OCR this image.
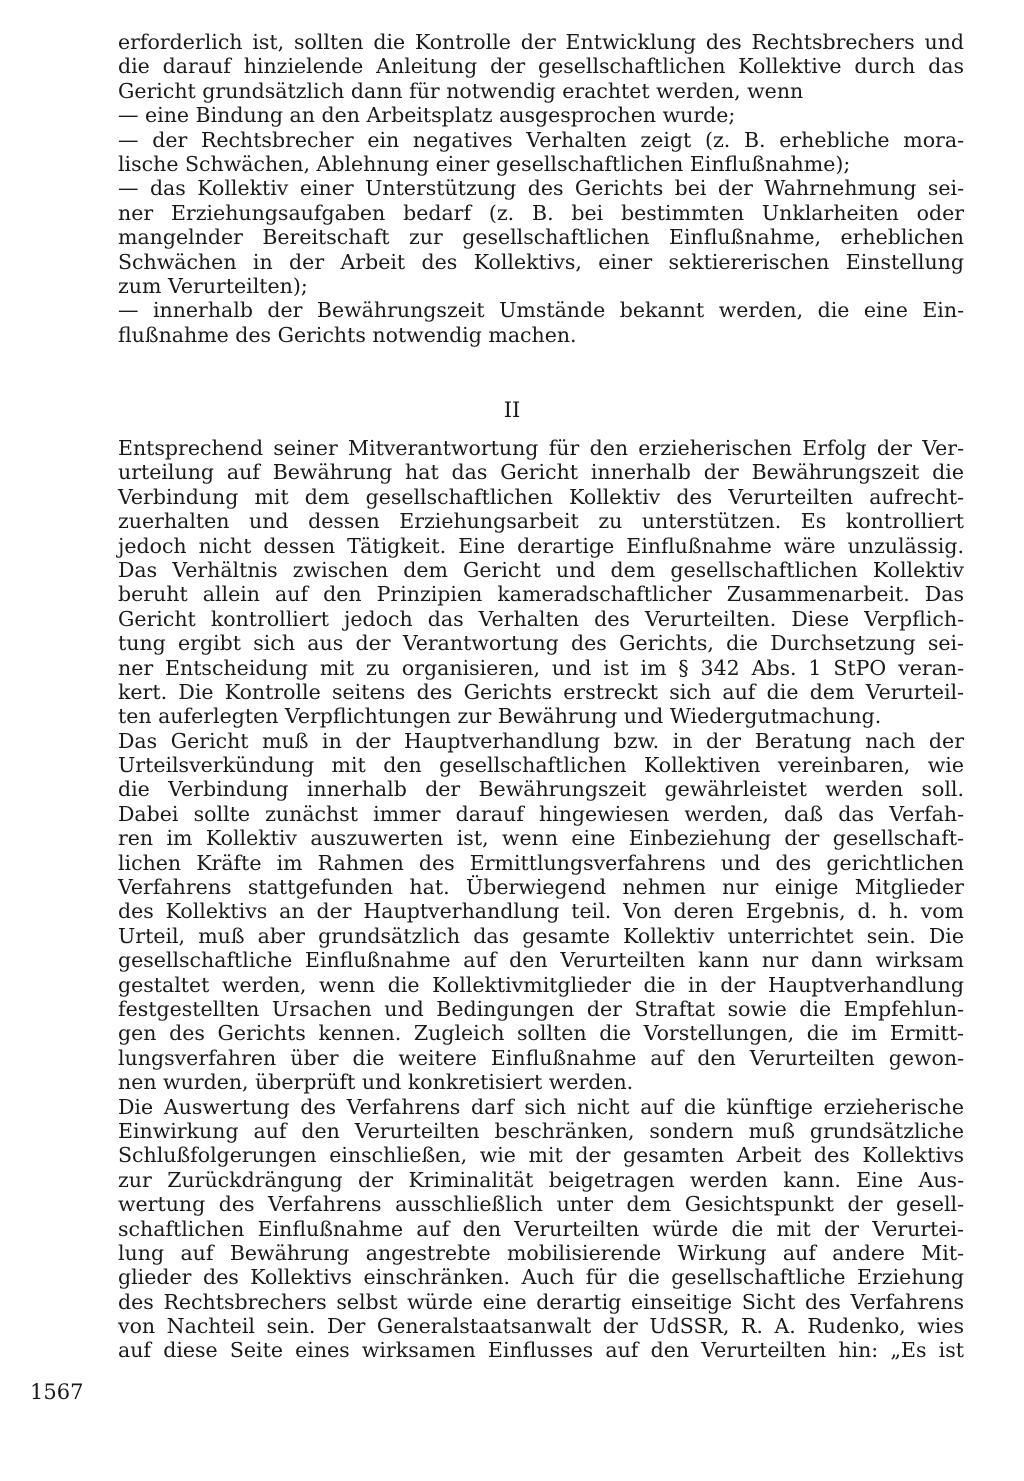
erforderlich ist, sollten die Kontrolle der Entwicklung des Rechtsbrechers und
die darauf hinzielende Anleitung der gesellschaftlichen Kollektive durch das
Gericht grundsätzlich dann für notwendig erachtet werden, wenn
— eine Bindung an den Arbeitsplatz ausgesprochen wurde;
— der Rechtsbrecher ein negatives Verhalten zeigt (z. B. erhebliche mora-
lische Schwächen, Ablehnung einer gesellschaftlichen Einflußnahme);
— das Kollektiv einer Unterstützung des Gerichts bei der Wahrnehmung sei-
ner Erziehungsaufgaben bedarf (z. B. bei bestimmten Unklarheiten oder
mangelnder Bereitschaft zur gesellschaftlichen Einflußnahme, erheblichen
Schwächen in der Arbeit des Kollektivs, einer sektiererischen Einstellung
zum Verurteilten);
— innerhalb der Bewährungszeit Umstände bekannt werden, die eine Ein-
flußnahme des Gerichts notwendig machen.
II
Entsprechend seiner Mitverantwortung für den erzieherischen Erfolg der Ver-
urteilung auf Bewährung hat das Gericht innerhalb der Bewährungszeit die
Verbindung mit dem gesellschaftlichen Kollektiv des Verurteilten aufrecht-
zuerhalten und dessen Erziehungsarbeit zu unterstützen. Es kontrolliert
jedoch nicht dessen Tätigkeit. Eine derartige Einflußnahme wäre unzulässig.
Das Verhältnis zwischen dem Gericht und dem gesellschaftlichen Kollektiv
beruht allein auf den Prinzipien kameradschaftlicher Zusammenarbeit. Das
Gericht kontrolliert jedoch das Verhalten des Verurteilten. Diese Verpflich-
tung ergibt sich aus der Verantwortung des Gerichts, die Durchsetzung sei-
ner Entscheidung mit zu organisieren, und ist im § 342 Abs. 1 StPO veran-
kert. Die Kontrolle seitens des Gerichts erstreckt sich auf die dem Verurteil-
ten auferlegten Verpflichtungen zur Bewährung und Wiedergutmachung.
Das Gericht muß in der Hauptverhandlung bzw. in der Beratung nach der
Urteilsverkündung mit den gesellschaftlichen Kollektiven vereinbaren, wie
die Verbindung innerhalb der Bewährungszeit gewährleistet werden soll.
Dabei sollte zunächst immer darauf hingewiesen werden, daß das Verfah-
ren im Kollektiv auszuwerten ist, wenn eine Einbeziehung der gesellschaft-
lichen Kräfte im Rahmen des Ermittlungsverfahrens und des gerichtlichen
Verfahrens stattgefunden hat. Überwiegend nehmen nur einige Mitglieder
des Kollektivs an der Hauptverhandlung teil. Von deren Ergebnis, d. h. vom
Urteil, muß aber grundsätzlich das gesamte Kollektiv unterrichtet sein. Die
gesellschaftliche Einflußnahme auf den Verurteilten kann nur dann wirksam
gestaltet werden, wenn die Kollektivmitglieder die in der Hauptverhandlung
festgestellten Ursachen und Bedingungen der Straftat sowie die Empfehlun-
gen des Gerichts kennen. Zugleich sollten die Vorstellungen, die im Ermitt-
lungsverfahren über die weitere Einflußnahme auf den Verurteilten gewon-
nen wurden, überprüft und konkretisiert werden.
Die Auswertung des Verfahrens darf sich nicht auf die künftige erzieherische
Einwirkung auf den Verurteilten beschränken, sondern muß grundsätzliche
Schlußfolgerungen einschließen, wie mit der gesamten Arbeit des Kollektivs
zur Zurückdrängung der Kriminalität beigetragen werden kann. Eine Aus-
wertung des Verfahrens ausschließlich unter dem Gesichtspunkt der gesell-
schaftlichen Einflußnahme auf den Verurteilten würde die mit der Verurtei-
lung auf Bewährung angestrebte mobilisierende Wirkung auf andere Mit-
glieder des Kollektivs einschränken. Auch für die gesellschaftliche Erziehung
des Rechtsbrechers selbst würde eine derartig einseitige Sicht des Verfahrens
von Nachteil sein. Der Generalstaatsanwalt der UdSSR, R. A. Rudenko, wies
auf diese Seite eines wirksamen Einflusses auf den Verurteilten hin: „Es ist
1567
